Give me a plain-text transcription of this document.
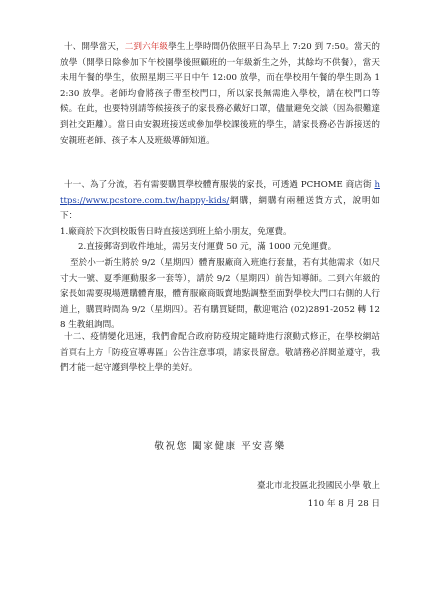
十、開學當天，二到六年級學生上學時間仍依照平日為早上 7:20 到 7:50。當天的放學（開學日除參加下午校園學後照顧班的一年級新生之外，其餘均不供餐），當天未用午餐的學生，依照星期三平日中午 12:00 放學，而在學校用午餐的學生則為 12:30 放學。老師均會將孩子帶至校門口，所以家長無需進入學校，請在校門口等候。在此，也要特別請等候接孩子的家長務必戴好口罩，儘量避免交談（因為很難達到社交距離）。當日由安親班接送或參加學校課後班的學生，請家長務必告訴接送的安親班老師、孩子本人及班級導師知道。

十一、為了分流，若有需要購買學校體育服裝的家長，可透過 PCHOME 商店街 https://www.pcstore.com.tw/happy-kids/網購，網購有兩種送貨方式，說明如下：

1.廠商於下次到校販售日時直接送到班上給小朋友，免運費。

2.直接郵寄到收件地址，需另支付運費 50 元，滿 1000 元免運費。

至於小一新生將於 9/2（星期四）體育服廠商入班進行套量，若有其他需求（如尺寸大一號、夏季運動服多一套等），請於 9/2（星期四）前告知導師。二到六年級的家長如需要現場選購體育服，體育服廠商販賣地點調整至面對學校大門口右側的人行道上，購買時間為 9/2（星期四）。若有購買疑問，歡迎電洽 (02)2891-2052 轉 128 生教組詢問。

十二、疫情變化迅速，我們會配合政府防疫規定隨時進行滾動式修正，在學校網站首頁右上方「防疫宣導專區」公告注意事項，請家長留意。敬請務必詳閱並遵守，我們才能一起守護到學校上學的美好。

敬祝您 闔家健康 平安喜樂
臺北市北投區北投國民小學 敬上
110 年 8 月 28 日
